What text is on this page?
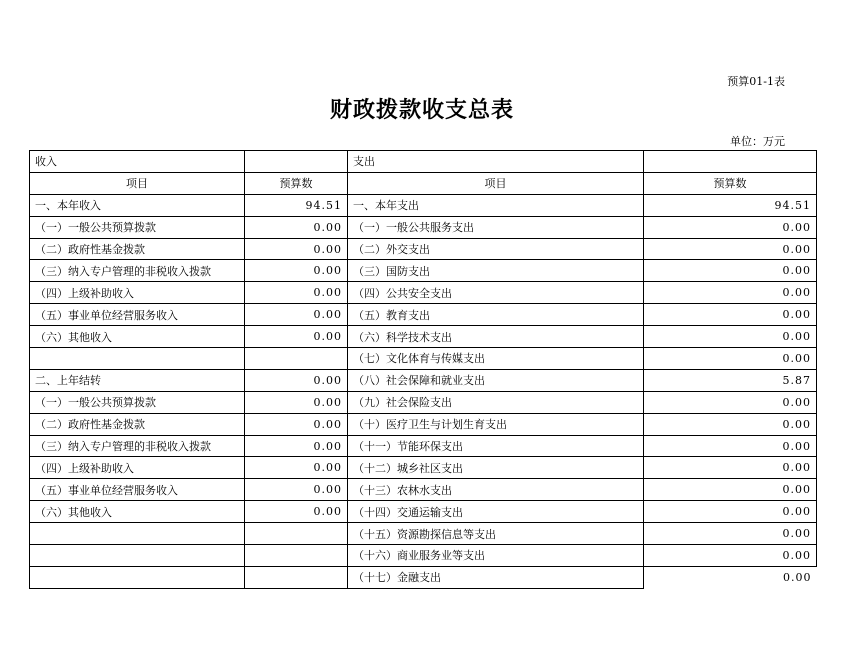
预算01-1表
财政拨款收支总表
单位：万元
收入		支出	
项目	预算数	项目	预算数
一、本年收入	94.51	一、本年支出	94.51
（一）一般公共预算拨款	0.00	（一）一般公共服务支出	0.00
（二）政府性基金拨款	0.00	（二）外交支出	0.00
（三）纳入专户管理的非税收入拨款	0.00	（三）国防支出	0.00
（四）上级补助收入	0.00	（四）公共安全支出	0.00
（五）事业单位经营服务收入	0.00	（五）教育支出	0.00
（六）其他收入	0.00	（六）科学技术支出	0.00
		（七）文化体育与传媒支出	0.00
二、上年结转	0.00	（八）社会保障和就业支出	5.87
（一）一般公共预算拨款	0.00	（九）社会保险支出	0.00
（二）政府性基金拨款	0.00	（十）医疗卫生与计划生育支出	0.00
（三）纳入专户管理的非税收入拨款	0.00	（十一）节能环保支出	0.00
（四）上级补助收入	0.00	（十二）城乡社区支出	0.00
（五）事业单位经营服务收入	0.00	（十三）农林水支出	0.00
（六）其他收入	0.00	（十四）交通运输支出	0.00
		（十五）资源勘探信息等支出	0.00
		（十六）商业服务业等支出	0.00
		（十七）金融支出	0.00
